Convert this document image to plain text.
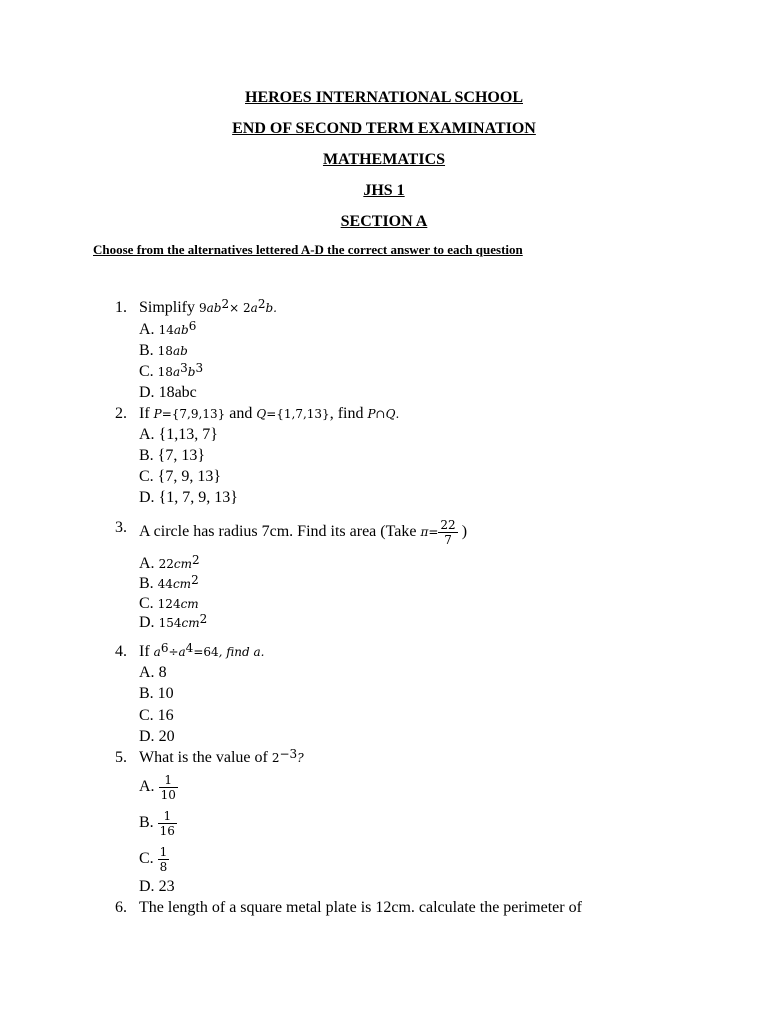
HEROES INTERNATIONAL SCHOOL
END OF SECOND TERM EXAMINATION
MATHEMATICS
JHS 1
SECTION A
Choose from the alternatives lettered A-D the correct answer to each question
1. Simplify $9ab^2\times 2a^2b$.
A. $14ab^6$
B. 18ab
C. $18a^3b^3$
D. 18abc
2. If P={7,9,13} and Q={1,7,13}, find P∩Q.
A. {1,13, 7}
B. {7, 13}
C. {7, 9, 13}
D. {1, 7, 9, 13}
3. A circle has radius 7cm. Find its area (Take $\pi= \frac{22}{7}$ )
A. $22cm^2$
B. $44cm^2$
C. 124cm
D. $154cm^2$
4. If $a^6\div a^4=64$, find a.
A. 8
B. 10
C. 16
D. 20
5. What is the value of $2^{-3}$?
A. $\frac{1}{10}$
B. $\frac{1}{16}$
C. $\frac{1}{8}$
D. 23
6. The length of a square metal plate is 12cm. calculate the perimeter of
